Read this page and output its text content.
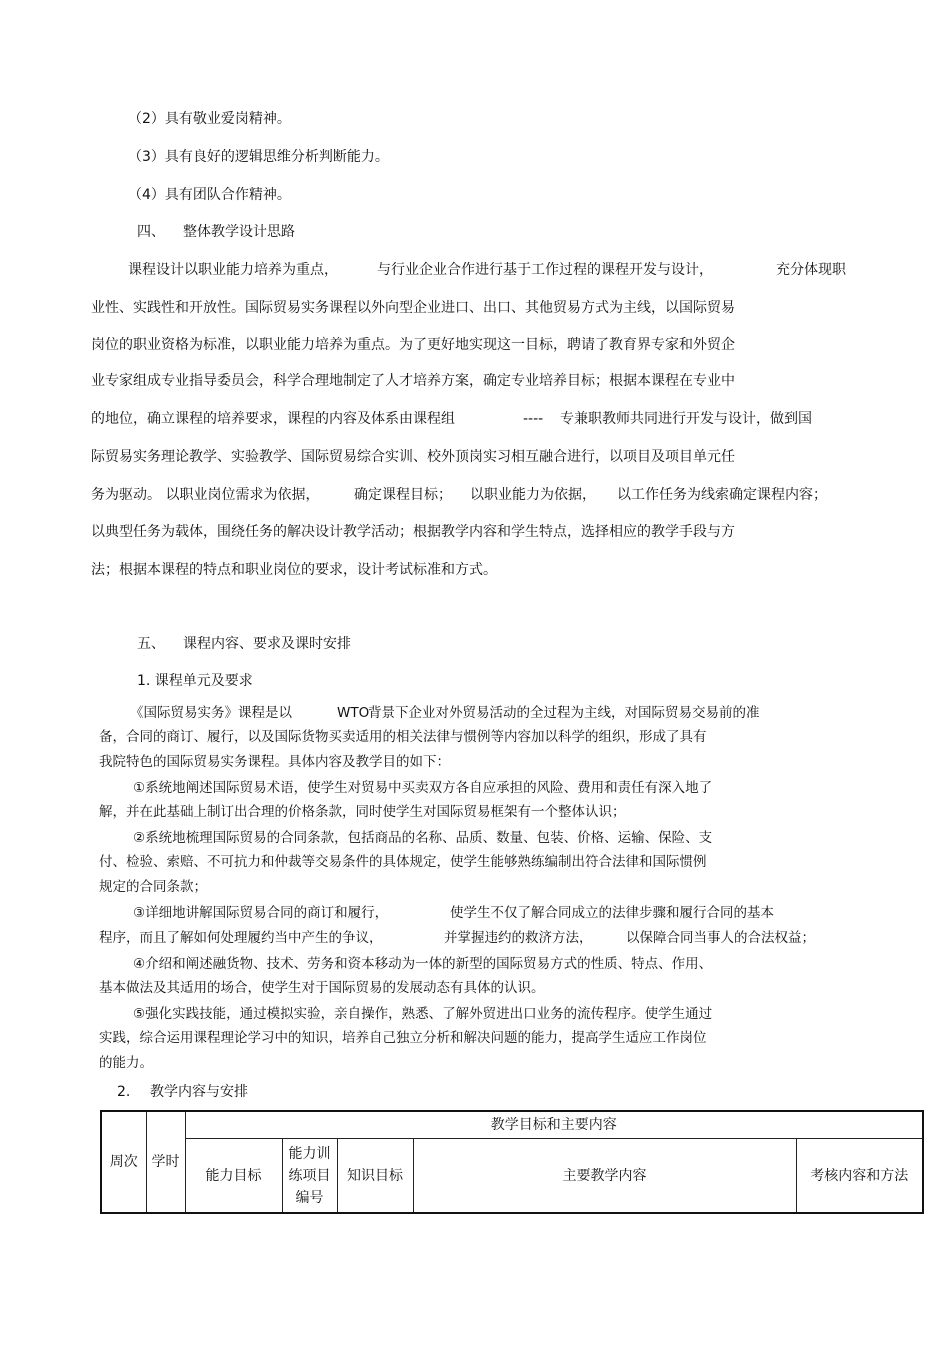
（2）具有敬业爱岗精神。
（3）具有良好的逻辑思维分析判断能力。
（4）具有团队合作精神。
四、 整体教学设计思路
课程设计以职业能力培养为重点，	与行业企业合作进行基于工作过程的课程开发与设计，	充分体现职
业性、实践性和开放性。国际贸易实务课程以外向型企业进口、出口、其他贸易方式为主线，以国际贸易
岗位的职业资格为标准，以职业能力培养为重点。为了更好地实现这一目标，聘请了教育界专家和外贸企
业专家组成专业指导委员会，科学合理地制定了人才培养方案，确定专业培养目标；根据本课程在专业中
的地位，确立课程的培养要求，课程的内容及体系由课程组	---- 专兼职教师共同进行开发与设计，做到国
际贸易实务理论教学、实验教学、国际贸易综合实训、校外顶岗实习相互融合进行，以项目及项目单元任
务为驱动。 以职业岗位需求为依据， 确定课程目标； 以职业能力为依据， 以工作任务为线索确定课程内容；
以典型任务为载体，围绕任务的解决设计教学活动；根据教学内容和学生特点，选择相应的教学手段与方
法；根据本课程的特点和职业岗位的要求，设计考试标准和方式。
五、 课程内容、要求及课时安排
1. 课程单元及要求
《国际贸易实务》课程是以	WTO
背景下企业对外贸易活动的全过程为主线，对国际贸易交易前的准
备，合同的商订、履行，以及国际货物买卖适用的相关法律与惯例等内容加以科学的组织，形成了具有
我院特色的国际贸易实务课程。具体内容及教学目的如下：
①系统地阐述国际贸易术语，使学生对贸易中买卖双方各自应承担的风险、费用和责任有深入地了
解，并在此基础上制订出合理的价格条款，同时使学生对国际贸易框架有一个整体认识；
②系统地梳理国际贸易的合同条款，包括商品的名称、品质、数量、包装、价格、运输、保险、支
付、检验、索赔、不可抗力和仲裁等交易条件的具体规定，使学生能够熟练编制出符合法律和国际惯例
规定的合同条款；
③详细地讲解国际贸易合同的商订和履行，	使学生不仅了解合同成立的法律步骤和履行合同的基本
程序，而且了解如何处理履约当中产生的争议，	并掌握违约的救济方法， 以保障合同当事人的合法权益；
④介绍和阐述融货物、技术、劳务和资本移动为一体的新型的国际贸易方式的性质、特点、作用、
基本做法及其适用的场合，使学生对于国际贸易的发展动态有具体的认识。
⑤强化实践技能，通过模拟实验，亲自操作，熟悉、了解外贸进出口业务的流传程序。使学生通过
实践，综合运用课程理论学习中的知识，培养自己独立分析和解决问题的能力，提高学生适应工作岗位
的能力。
2. 教学内容与安排
周次	学时	教学目标和主要内容				
		能力目标	能力训
练项目
编号	知识目标	主要教学内容	考核内容和方法
